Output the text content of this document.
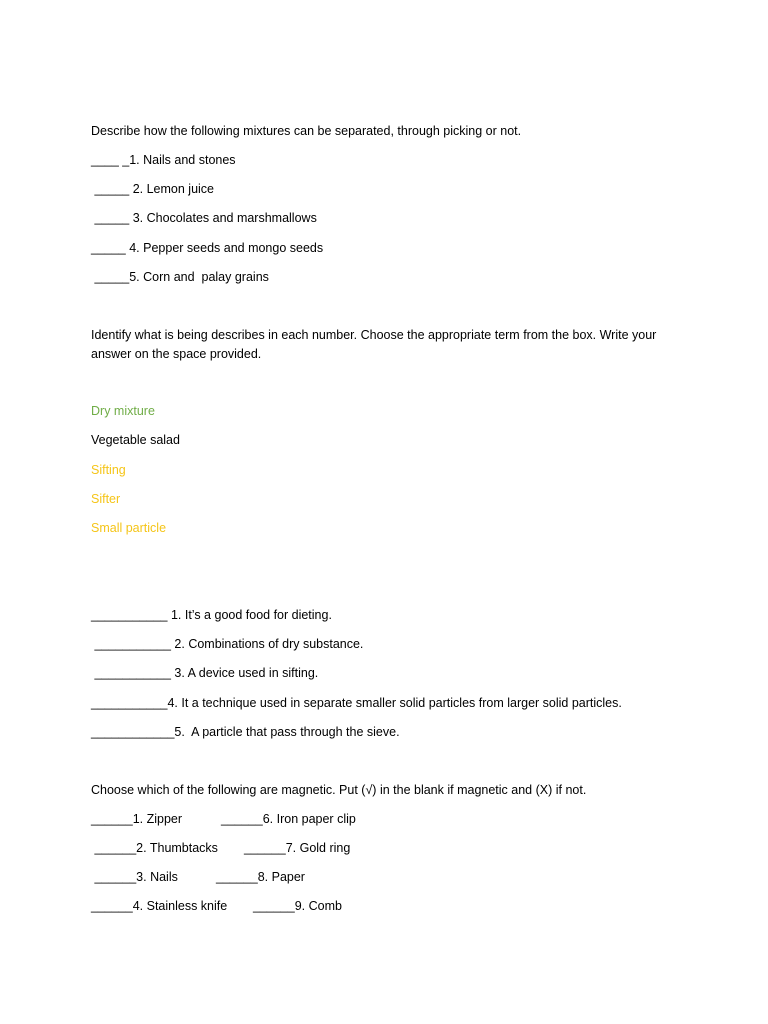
Describe how the following mixtures can be separated, through picking or not.
____ _1. Nails and stones
_____ 2. Lemon juice
_____ 3. Chocolates and marshmallows
_____ 4. Pepper seeds and mongo seeds
_____5. Corn and  palay grains
Identify what is being describes in each number. Choose the appropriate term from the box. Write your
answer on the space provided.
Dry mixture
Vegetable salad
Sifting
Sifter
Small particle
___________ 1. It’s a good food for dieting.
___________ 2. Combinations of dry substance.
___________ 3. A device used in sifting.
___________4. It a technique used in separate smaller solid particles from larger solid particles.
____________5.  A particle that pass through the sieve.
Choose which of the following are magnetic. Put (√) in the blank if magnetic and (X) if not.
______1. Zipper	______6. Iron paper clip
______2. Thumbtacks ______7. Gold ring
______3. Nails	______8. Paper
______4. Stainless knife ______9. Comb
